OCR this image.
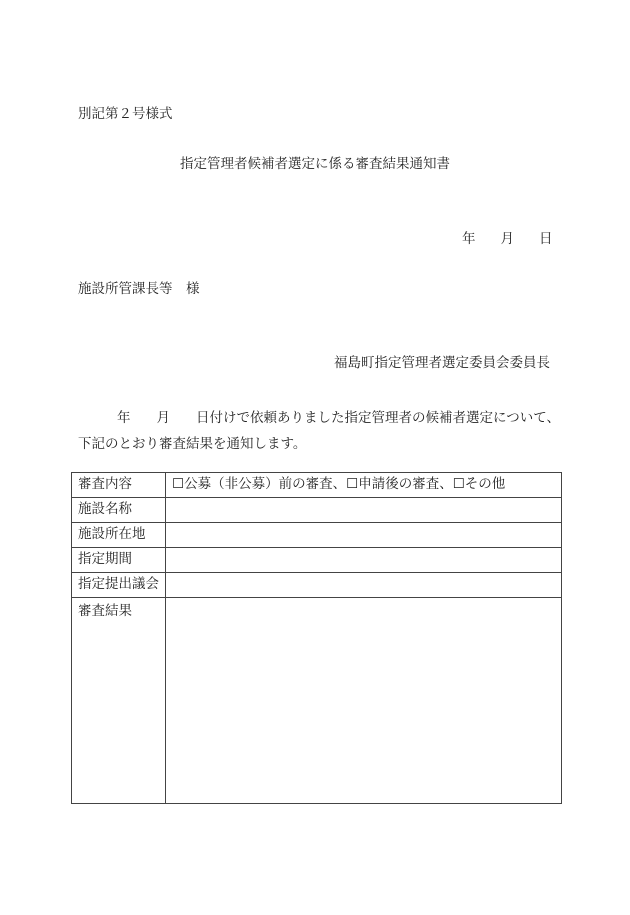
別記第２号様式
指定管理者候補者選定に係る審査結果通知書
年 月 日
施設所管課長等　様
福島町指定管理者選定委員会委員長
年 月 日付けで依頼ありました指定管理者の候補者選定について、
下記のとおり審査結果を通知します。
審査内容	☐公募（非公募）前の審査、☐申請後の審査、☐その他
施設名称	
施設所在地	
指定期間	
指定提出議会	
審査結果	
